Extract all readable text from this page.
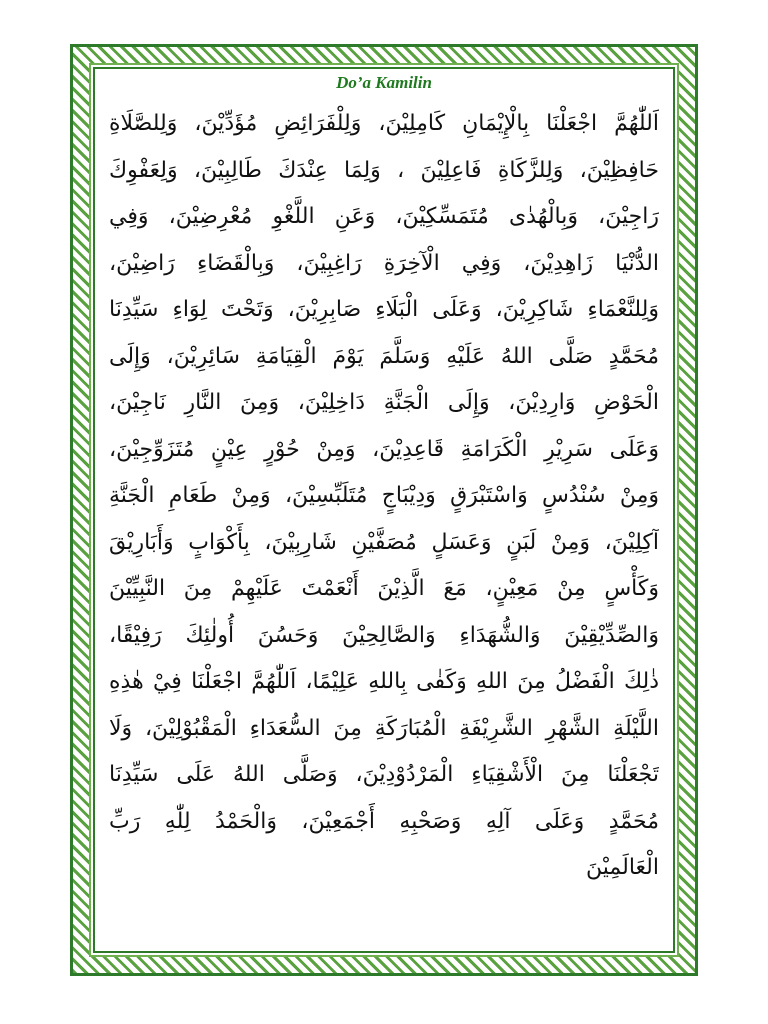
Do’a Kamilin
اَللّٰهُمَّ اجْعَلْنَا بِالْإِيْمَانِ كَامِلِيْنَ، وَلِلْفَرَائِضِ مُؤَدِّيْنَ، وَلِلصَّلَاةِ
حَافِظِيْنَ، وَلِلزَّكَاةِ فَاعِلِيْنَ ، وَلِمَا عِنْدَكَ طَالِبِيْنَ، وَلِعَفْوِكَ
رَاجِيْنَ، وَبِالْهُدٰى مُتَمَسِّكِيْنَ، وَعَنِ اللَّغْوِ مُعْرِضِيْنَ، وَفِي
الدُّنْيَا زَاهِدِيْنَ، وَفِي الْآخِرَةِ رَاغِبِيْنَ، وَبِالْقَضَاءِ رَاضِيْنَ،
وَلِلنَّعْمَاءِ شَاكِرِيْنَ، وَعَلَى الْبَلَاءِ صَابِرِيْنَ، وَتَحْتَ لِوَاءِ سَيِّدِنَا
مُحَمَّدٍ صَلَّى اللهُ عَلَيْهِ وَسَلَّمَ يَوْمَ الْقِيَامَةِ سَائِرِيْنَ، وَإِلَى
الْحَوْضِ وَارِدِيْنَ، وَإِلَى الْجَنَّةِ دَاخِلِيْنَ، وَمِنَ النَّارِ نَاجِيْنَ،
وَعَلَى سَرِيْرِ الْكَرَامَةِ قَاعِدِيْنَ، وَمِنْ حُوْرٍ عِيْنٍ مُتَزَوِّجِيْنَ،
وَمِنْ سُنْدُسٍ وَاسْتَبْرَقٍ وَدِيْبَاجٍ مُتَلَبِّسِيْنَ، وَمِنْ طَعَامِ الْجَنَّةِ
آكِلِيْنَ، وَمِنْ لَبَنٍ وَعَسَلٍ مُصَفَّيْنِ شَارِبِيْنَ، بِأَكْوَابٍ وَأَبَارِيْقَ
وَكَأْسٍ مِنْ مَعِيْنٍ، مَعَ الَّذِيْنَ أَنْعَمْتَ عَلَيْهِمْ مِنَ النَّبِيِّيْنَ
وَالصِّدِّيْقِيْنَ وَالشُّهَدَاءِ وَالصَّالِحِيْنَ وَحَسُنَ أُولٰئِكَ رَفِيْقًا،
ذٰلِكَ الْفَضْلُ مِنَ اللهِ وَكَفٰى بِاللهِ عَلِيْمًا، اَللّٰهُمَّ اجْعَلْنَا فِيْ هٰذِهِ
اللَّيْلَةِ الشَّهْرِ الشَّرِيْفَةِ الْمُبَارَكَةِ مِنَ السُّعَدَاءِ الْمَقْبُوْلِيْنَ، وَلَا
تَجْعَلْنَا مِنَ الْأَشْقِيَاءِ الْمَرْدُوْدِيْنَ، وَصَلَّى اللهُ عَلَى سَيِّدِنَا
مُحَمَّدٍ وَعَلَى آلِهِ وَصَحْبِهِ أَجْمَعِيْنَ، وَالْحَمْدُ لِلّٰهِ رَبِّ
الْعَالَمِيْنَ
